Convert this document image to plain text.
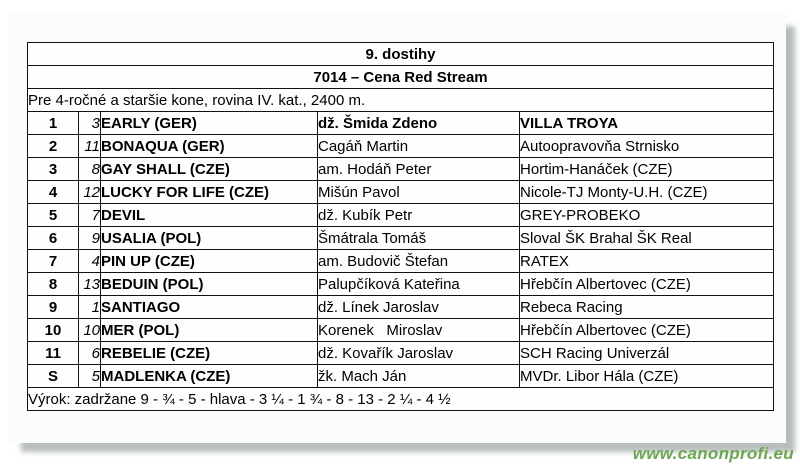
9. dostihy				
7014 – Cena Red Stream				
Pre 4-ročné a staršie kone, rovina IV. kat., 2400 m.				
1	3	EARLY (GER)	dž. Šmida Zdeno	VILLA TROYA
2	11	BONAQUA (GER)	Cagáň Martin	Autoopravovňa Strnisko
3	8	GAY SHALL (CZE)	am. Hodáň Peter	Hortim-Hanáček (CZE)
4	12	LUCKY FOR LIFE (CZE)	Mišún Pavol	Nicole-TJ Monty-U.H. (CZE)
5	7	DEVIL	dž. Kubík Petr	GREY-PROBEKO
6	9	USALIA (POL)	Šmátrala Tomáš	Sloval ŠK Brahal ŠK Real
7	4	PIN UP (CZE)	am. Budovič Štefan	RATEX
8	13	BEDUIN (POL)	Palupčíková Kateřina	Hřebčín Albertovec (CZE)
9	1	SANTIAGO	dž. Línek Jaroslav	Rebeca Racing
10	10	MER (POL)	Korenek   Miroslav	Hřebčín Albertovec (CZE)
11	6	REBELIE (CZE)	dž. Kovařík Jaroslav	SCH Racing Univerzál
S	5	MADLENKA (CZE)	žk. Mach Ján	MVDr. Libor Hála (CZE)
Výrok: zadržane 9 - ¾ - 5 - hlava - 3 ¼ - 1 ¾ - 8 - 13 - 2 ¼ - 4 ½				
www.canonprofi.eu
